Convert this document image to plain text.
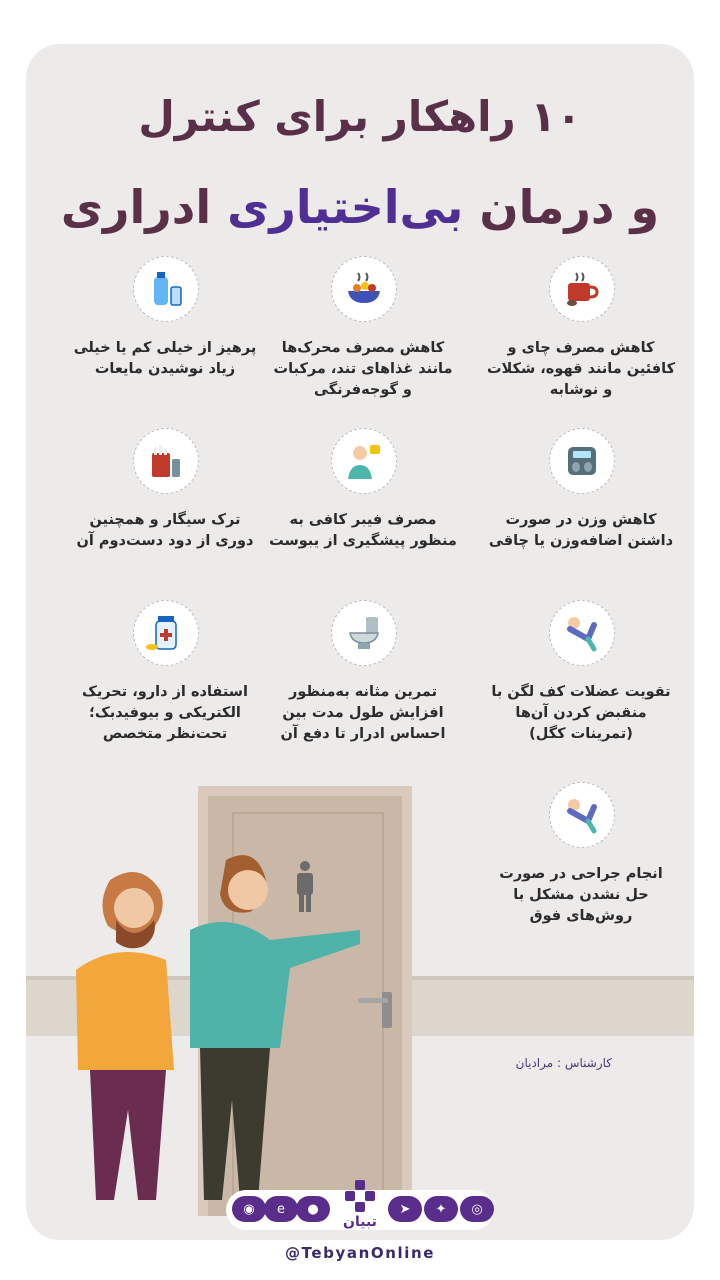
۱۰ راهکار برای کنترل
و درمان بی‌اختیاری ادراری
کاهش مصرف چای و کافئین مانند قهوه، شکلات و نوشابه
کاهش مصرف محرک‌ها مانند غذاهای تند، مرکبات و گوجه‌فرنگی
پرهیز از خیلی کم یا خیلی زیاد نوشیدن مایعات
کاهش وزن در صورت داشتن اضافه‌وزن یا چاقی
مصرف فیبر کافی به منظور پیشگیری از یبوست
ترک سیگار و همچنین دوری از دود دست‌دوم آن
تقویت عضلات کف لگن با منقبض کردن آن‌ها (تمرینات کگل)
تمرین مثانه به‌منظور افزایش طول مدت بین احساس ادرار تا دفع آن
استفاده از دارو، تحریک الکتریکی و بیوفیدبک؛ تحت‌نظر متخصص
انجام جراحی در صورت حل نشدن مشکل با روش‌های فوق
کارشناس : مرادیان
◎
✦
➤
●
e
◉
تبیان
@TebyanOnline
